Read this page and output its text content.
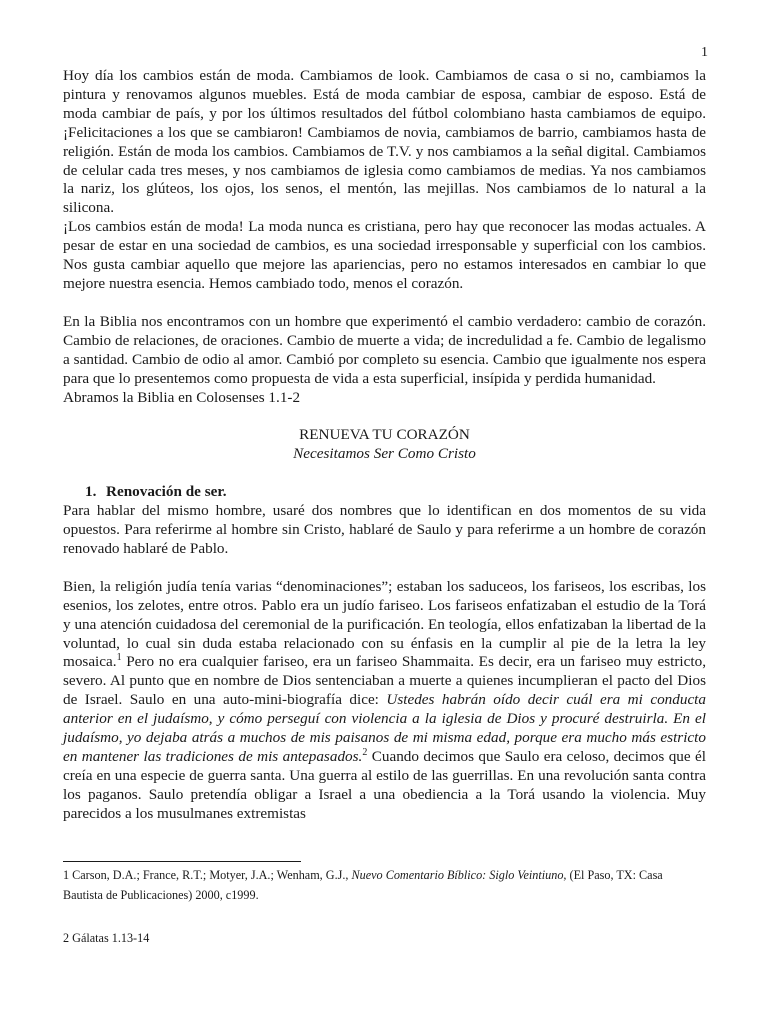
1

Hoy día los cambios están de moda. Cambiamos de look. Cambiamos de casa o si no, cambiamos la pintura y renovamos algunos muebles. Está de moda cambiar de esposa, cambiar de esposo. Está de moda cambiar de país, y por los últimos resultados del fútbol colombiano hasta cambiamos de equipo. ¡Felicitaciones a los que se cambiaron! Cambiamos de novia, cambiamos de barrio, cambiamos hasta de religión. Están de moda los cambios. Cambiamos de T.V. y nos cambiamos a la señal digital. Cambiamos de celular cada tres meses, y nos cambiamos de iglesia como cambiamos de medias. Ya nos cambiamos la nariz, los glúteos, los ojos, los senos, el mentón, las mejillas. Nos cambiamos de lo natural a la silicona.

¡Los cambios están de moda! La moda nunca es cristiana, pero hay que reconocer las modas actuales. A pesar de estar en una sociedad de cambios, es una sociedad irresponsable y superficial con los cambios. Nos gusta cambiar aquello que mejore las apariencias, pero no estamos interesados en cambiar lo que mejore nuestra esencia. Hemos cambiado todo, menos el corazón.

En la Biblia nos encontramos con un hombre que experimentó el cambio verdadero: cambio de corazón. Cambio de relaciones, de oraciones. Cambio de muerte a vida; de incredulidad a fe. Cambio de legalismo a santidad. Cambio de odio al amor. Cambió por completo su esencia. Cambio que igualmente nos espera para que lo presentemos como propuesta de vida a esta superficial, insípida y perdida humanidad.

Abramos la Biblia en Colosenses 1.1-2

RENUEVA TU CORAZÓN

Necesitamos Ser Como Cristo

1. Renovación de ser.

Para hablar del mismo hombre, usaré dos nombres que lo identifican en dos momentos de su vida opuestos. Para referirme al hombre sin Cristo, hablaré de Saulo y para referirme a un hombre de corazón renovado hablaré de Pablo.

Bien, la religión judía tenía varias “denominaciones”; estaban los saduceos, los fariseos, los escribas, los esenios, los zelotes, entre otros. Pablo era un judío fariseo. Los fariseos enfatizaban el estudio de la Torá y una atención cuidadosa del ceremonial de la purificación. En teología, ellos enfatizaban la libertad de la voluntad, lo cual sin duda estaba relacionado con su énfasis en la cumplir al pie de la letra la ley mosaica.$^1$ Pero no era cualquier fariseo, era un fariseo Shammaita. Es decir, era un fariseo muy estricto, severo. Al punto que en nombre de Dios sentenciaban a muerte a quienes incumplieran el pacto del Dios de Israel. Saulo en una auto-mini-biografía dice: Ustedes habrán oído decir cuál era mi conducta anterior en el judaísmo, y cómo perseguí con violencia a la iglesia de Dios y procuré destruirla. En el judaísmo, yo dejaba atrás a muchos de mis paisanos de mi misma edad, porque era mucho más estricto en mantener las tradiciones de mis antepasados.$^2$ Cuando decimos que Saulo era celoso, decimos que él creía en una especie de guerra santa. Una guerra al estilo de las guerrillas. En una revolución santa contra los paganos. Saulo pretendía obligar a Israel a una obediencia a la Torá usando la violencia. Muy parecidos a los musulmanes extremistas

1 Carson, D.A.; France, R.T.; Motyer, J.A.; Wenham, G.J., Nuevo Comentario Bíblico: Siglo Veintiuno, (El Paso, TX: Casa
Bautista de Publicaciones) 2000, c1999.
2 Gálatas 1.13-14
